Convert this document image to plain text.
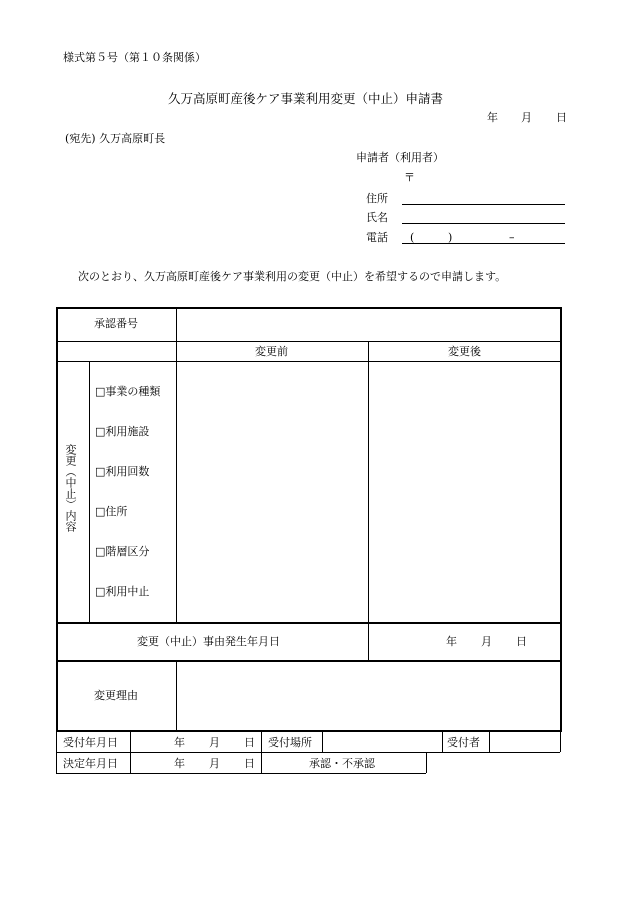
様式第５号（第１０条関係）
久万高原町産後ケア事業利用変更（中止）申請書
年 月 日
(宛先) 久万高原町長
申請者（利用者）
〒
住所
氏名
電話 (	)	–
次のとおり、久万高原町産後ケア事業利用の変更（中止）を希望するので申請します。
承認番号
変更前	変更後
変更（中止）内容
□事業の種類
□利用施設
□利用回数
□住所
□階層区分
□利用中止
変更（中止）事由発生年月日	年 月 日
変更理由
受付年月日	年 月 日 受付場所	受付者
決定年月日	年 月 日	承認・不承認
